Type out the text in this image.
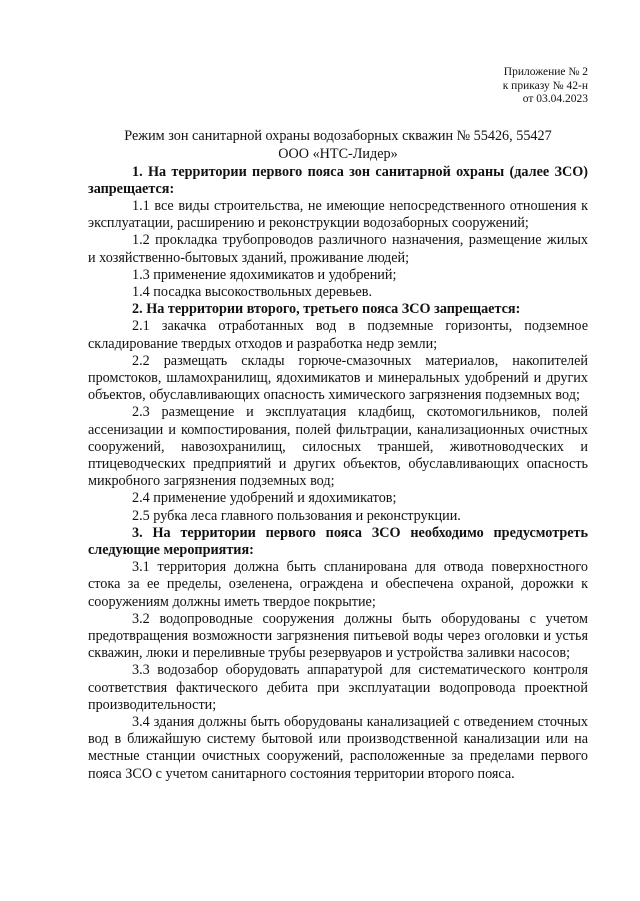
Приложение № 2
к приказу № 42-н
от 03.04.2023
Режим зон санитарной охраны водозаборных скважин № 55426, 55427
ООО «НТС-Лидер»

1. На территории первого пояса зон санитарной охраны (далее ЗСО) запрещается:

1.1 все виды строительства, не имеющие непосредственного отношения к эксплуатации, расширению и реконструкции водозаборных сооружений;

1.2 прокладка трубопроводов различного назначения, размещение жилых и хозяйственно-бытовых зданий, проживание людей;

1.3 применение ядохимикатов и удобрений;

1.4 посадка высокоствольных деревьев.

2. На территории второго, третьего пояса ЗСО запрещается:

2.1 закачка отработанных вод в подземные горизонты, подземное складирование твердых отходов и разработка недр земли;

2.2 размещать склады горюче-смазочных материалов, накопителей промстоков, шламохранилищ, ядохимикатов и минеральных удобрений и других объектов, обуславливающих опасность химического загрязнения подземных вод;

2.3 размещение и эксплуатация кладбищ, скотомогильников, полей ассенизации и компостирования, полей фильтрации, канализационных очистных сооружений, навозохранилищ, силосных траншей, животноводческих и птицеводческих предприятий и других объектов, обуславливающих опасность микробного загрязнения подземных вод;

2.4 применение удобрений и ядохимикатов;

2.5 рубка леса главного пользования и реконструкции.

3. На территории первого пояса ЗСО необходимо предусмотреть следующие мероприятия:

3.1 территория должна быть спланирована для отвода поверхностного стока за ее пределы, озеленена, ограждена и обеспечена охраной, дорожки к сооружениям должны иметь твердое покрытие;

3.2 водопроводные сооружения должны быть оборудованы с учетом предотвращения возможности загрязнения питьевой воды через оголовки и устья скважин, люки и переливные трубы резервуаров и устройства заливки насосов;

3.3 водозабор оборудовать аппаратурой для систематического контроля соответствия фактического дебита при эксплуатации водопровода проектной производительности;

3.4 здания должны быть оборудованы канализацией с отведением сточных вод в ближайшую систему бытовой или производственной канализации или на местные станции очистных сооружений, расположенные за пределами первого пояса ЗСО с учетом санитарного состояния территории второго пояса.
